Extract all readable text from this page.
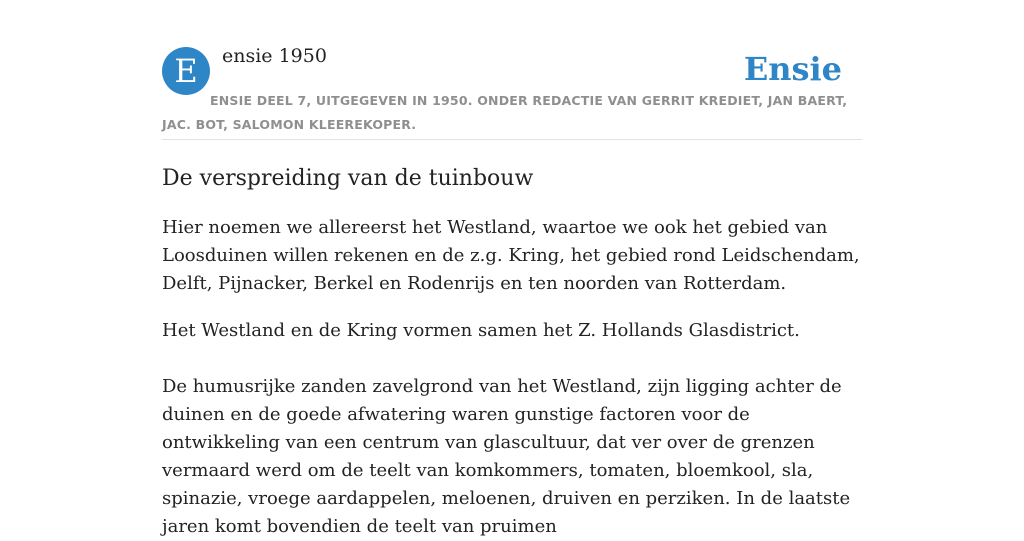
E	ensie 1950	Ensie
ENSIE DEEL 7, UITGEGEVEN IN 1950. ONDER REDACTIE VAN GERRIT KREDIET, JAN BAERT, JAC. BOT, SALOMON KLEEREKOPER.
De verspreiding van de tuinbouw

Hier noemen we allereerst het Westland, waartoe we ook het gebied van Loosduinen willen rekenen en de z.g. Kring, het gebied rond Leidschendam, Delft, Pijnacker, Berkel en Rodenrijs en ten noorden van Rotterdam.

Het Westland en de Kring vormen samen het Z. Hollands Glasdistrict.

De humusrijke zanden zavelgrond van het Westland, zijn ligging achter de duinen en de goede afwatering waren gunstige factoren voor de ontwikkeling van een centrum van glascultuur, dat ver over de grenzen vermaard werd om de teelt van komkommers, tomaten, bloemkool, sla, spinazie, vroege aardappelen, meloenen, druiven en perziken. In de laatste jaren komt bovendien de teelt van pruimen
